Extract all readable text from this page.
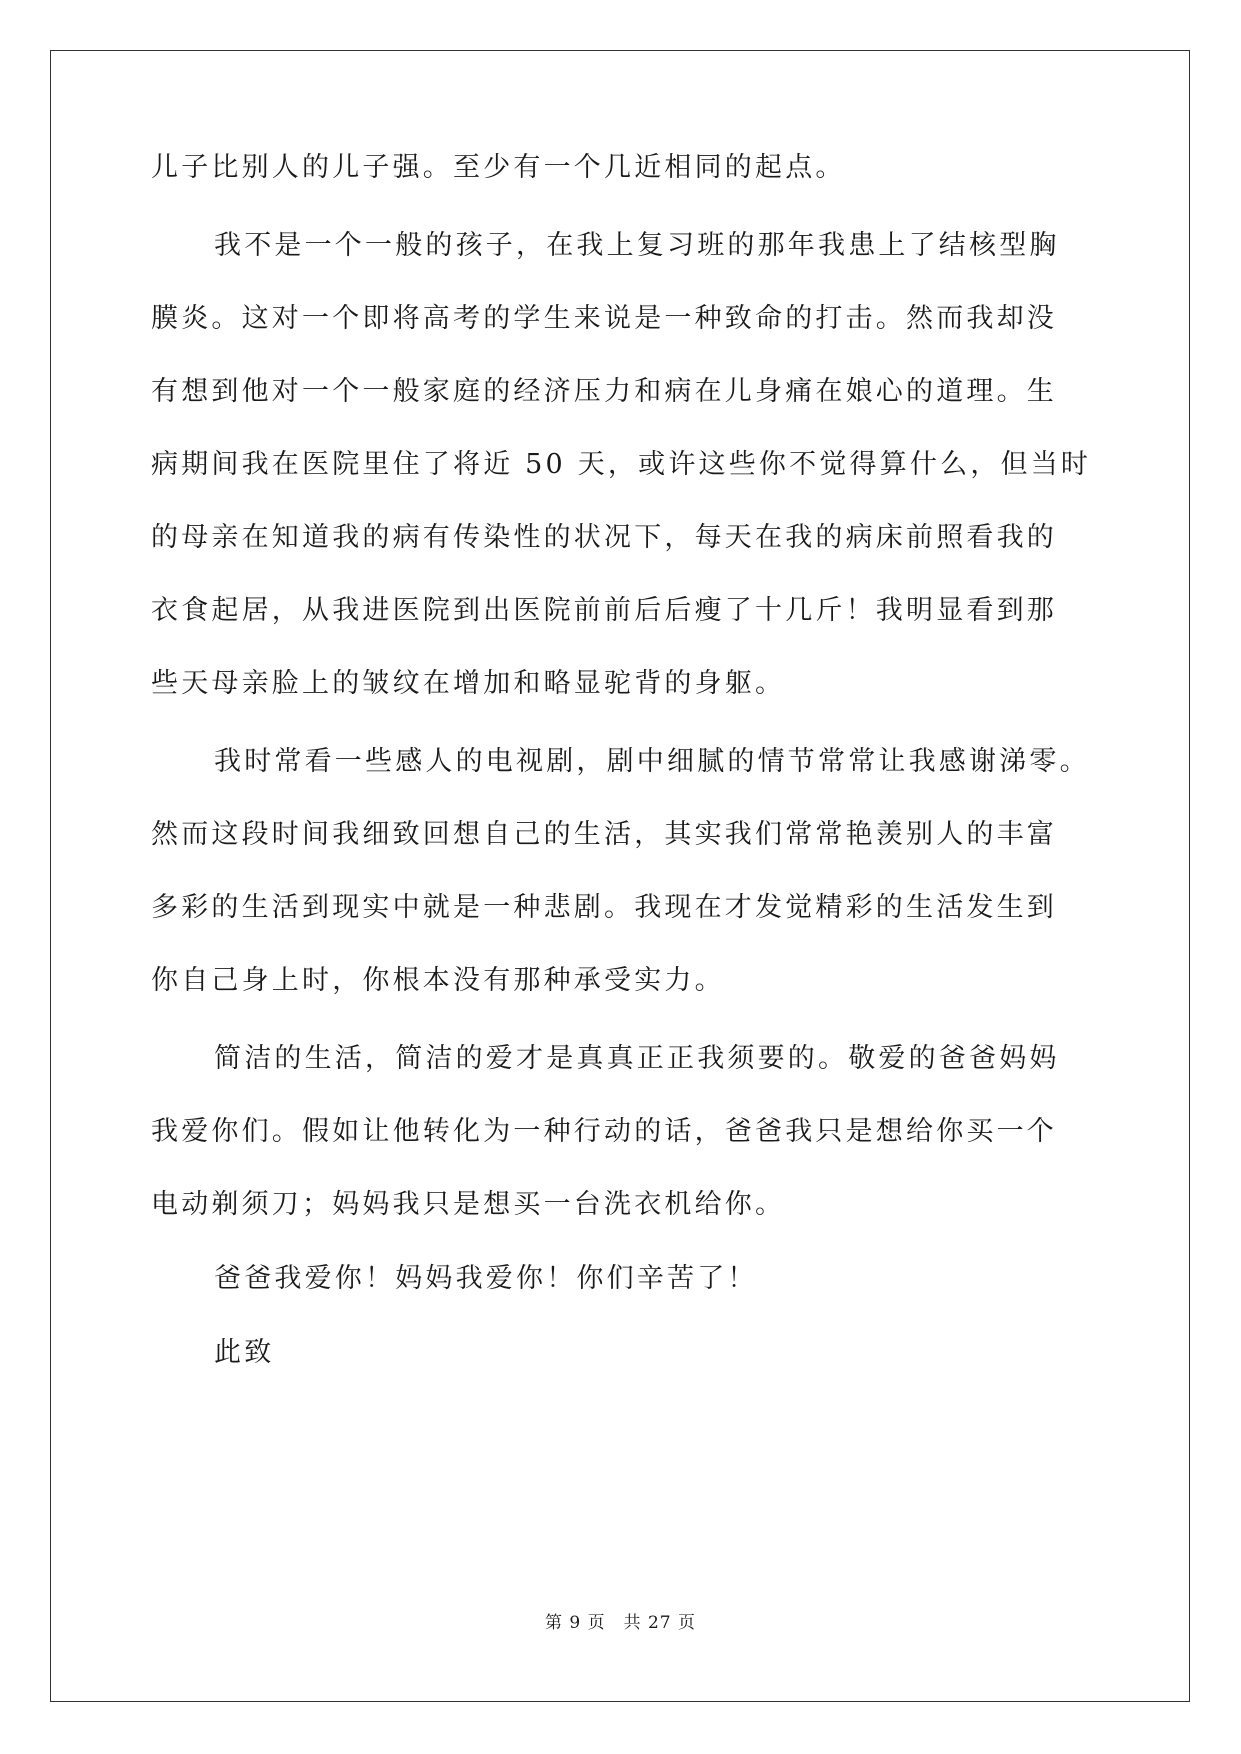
儿子比别人的儿子强。至少有一个几近相同的起点。
我不是一个一般的孩子，在我上复习班的那年我患上了结核型胸
膜炎。这对一个即将高考的学生来说是一种致命的打击。然而我却没
有想到他对一个一般家庭的经济压力和病在儿身痛在娘心的道理。生
病期间我在医院里住了将近 50 天，或许这些你不觉得算什么，但当时
的母亲在知道我的病有传染性的状况下，每天在我的病床前照看我的
衣食起居，从我进医院到出医院前前后后瘦了十几斤！我明显看到那
些天母亲脸上的皱纹在增加和略显驼背的身躯。
我时常看一些感人的电视剧，剧中细腻的情节常常让我感谢涕零。
然而这段时间我细致回想自己的生活，其实我们常常艳羡别人的丰富
多彩的生活到现实中就是一种悲剧。我现在才发觉精彩的生活发生到
你自己身上时，你根本没有那种承受实力。
简洁的生活，简洁的爱才是真真正正我须要的。敬爱的爸爸妈妈
我爱你们。假如让他转化为一种行动的话，爸爸我只是想给你买一个
电动剃须刀；妈妈我只是想买一台洗衣机给你。
爸爸我爱你！妈妈我爱你！你们辛苦了！
此致
第 9 页　共 27 页
